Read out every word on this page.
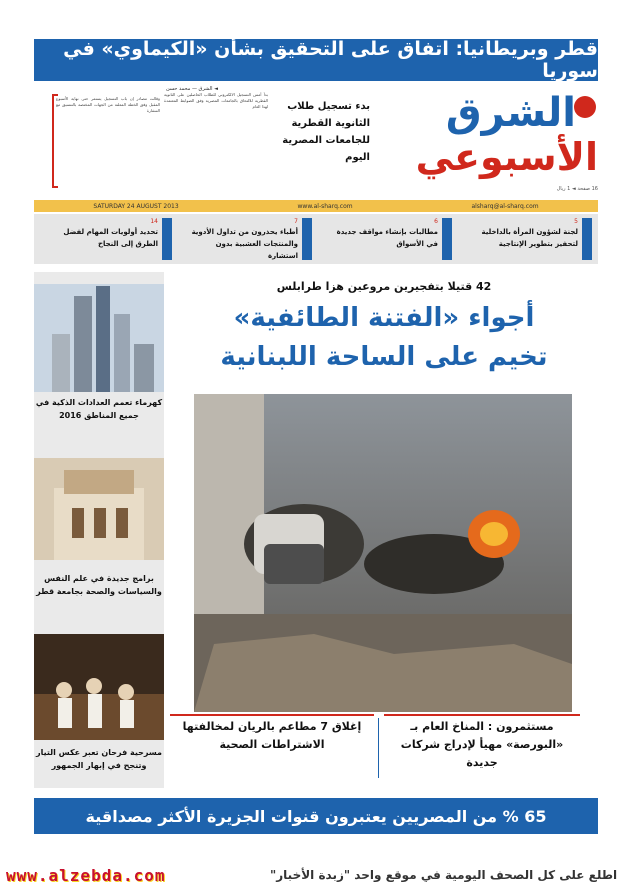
قطر وبريطانيا: اتفاق على التحقيق بشأن «الكيماوي» في سوريا
الشرق
الأسبوعي
16 صفحة ◄ 1 ريال
بدء تسجيل طلاب الثانوية القطرية للجامعات المصرية اليوم
◄ الشرق — محمد حسن
بدأ أمس التسجيل الالكتروني للطلاب الحاصلين على الثانوية القطرية للالتحاق بالجامعات المصرية وفق الضوابط المعتمدة لهذا العام
وقالت مصادر إن باب التسجيل يستمر حتى نهاية الأسبوع المقبل وفق الخطة المعلنة من الجهات المختصة بالتنسيق مع السفارة
SATURDAY 24 AUGUST 2013	www.al-sharq.com	alsharq@al-sharq.com
5
لجنة لشؤون المرأة بالداخلية لتحفيز بتطوير الإنتاجية
6
مطالبات بإنشاء مواقف جديدة في الأسواق
7
أطباء يحذرون من تداول الأدوية والمنتجات العشبية بدون استشارة
14
تحديد أولويات المهام لفضل الطرق إلى النجاح
كهرماء تعمم العدادات الذكية في جميع المناطق 2016
برامج جديدة في علم النفس والسياسات والصحة بجامعة قطر
مسرحية فرحان تعبر عكس التيار وتنجح في إبهار الجمهور
42 قتيلا بتفجيرين مروعين هزا طرابلس
أجواء «الفتنة الطائفية»
تخيم على الساحة اللبنانية
مستثمرون : المناخ العام بـ «البورصة» مهيأ لإدراج شركات جديدة
إغلاق 7 مطاعم بالريان لمخالفتها الاشتراطات الصحية
65 % من المصريين يعتبرون قنوات الجزيرة الأكثر مصداقية
www.alzebda.com	اطلع على كل الصحف اليومية في موقع واحد "زبدة الأخبار"
